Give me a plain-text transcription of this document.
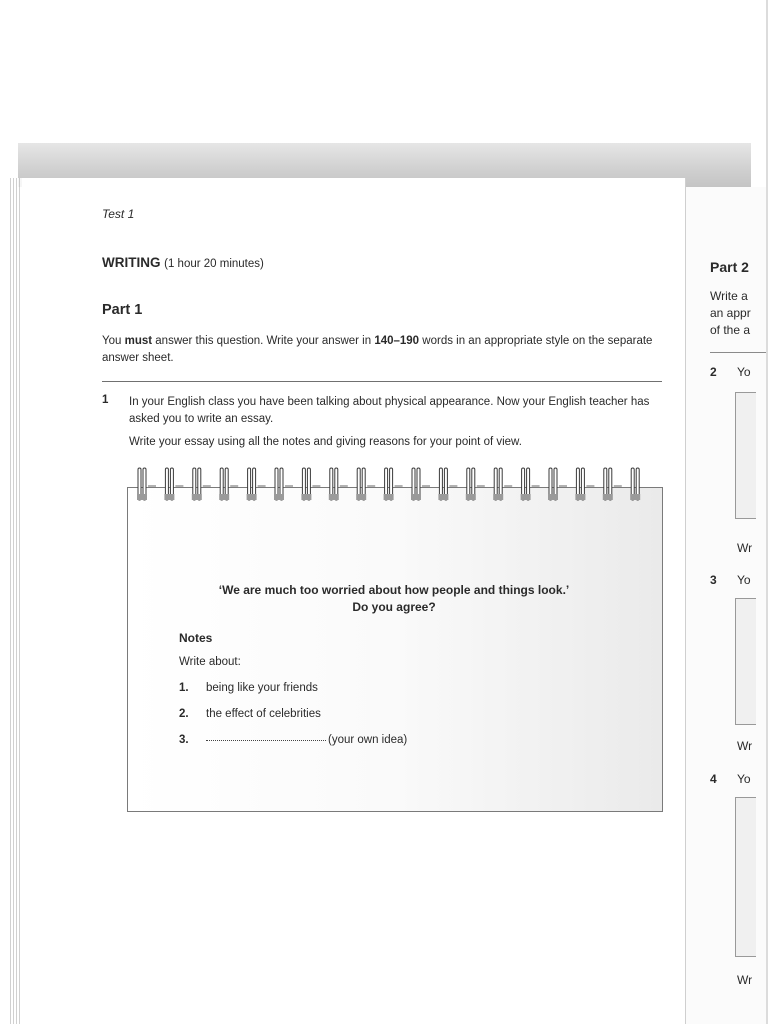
Test 1
WRITING (1 hour 20 minutes)
Part 1
You must answer this question. Write your answer in 140–190 words in an appropriate style on the separate answer sheet.
1 In your English class you have been talking about physical appearance. Now your English teacher has asked you to write an essay.
Write your essay using all the notes and giving reasons for your point of view.
‘We are much too worried about how people and things look.’
Do you agree?
Notes
Write about:
1. being like your friends
2. the effect of celebrities
3.	(your own idea)
Part 2
Write a
an appr
of the a
2 Yo
Wr
3 Yo
Wr
4 Yo
Wr
